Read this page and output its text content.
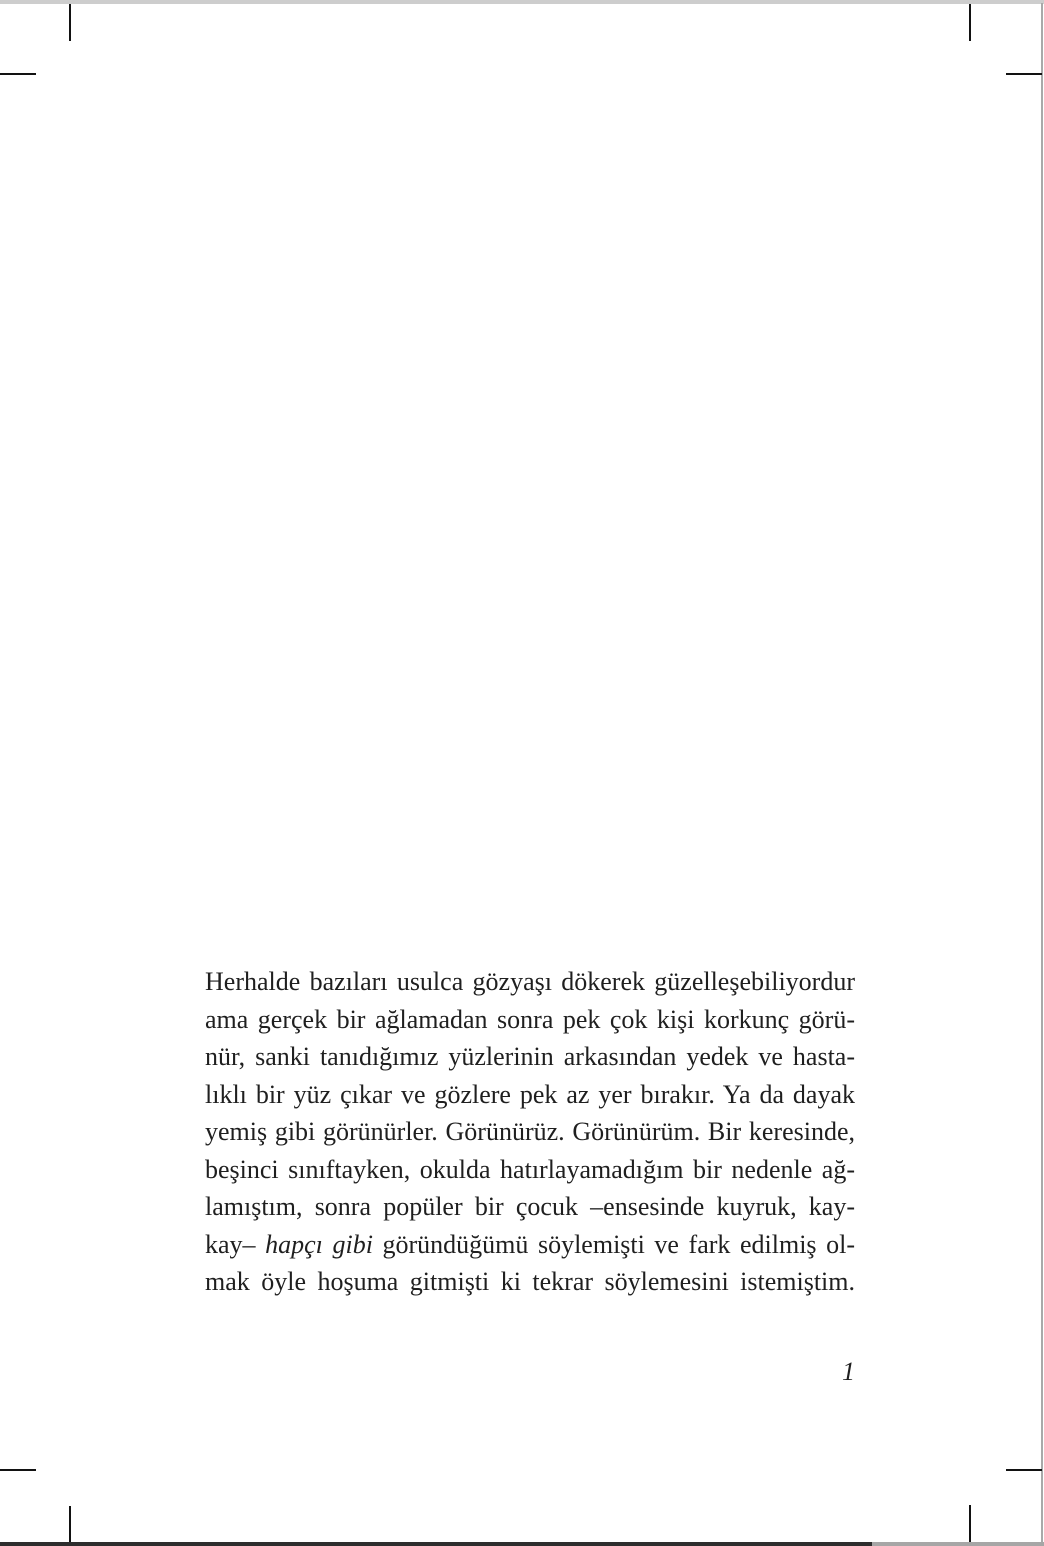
Herhalde bazıları usulca gözyaşı dökerek güzelleşebiliyordur
ama gerçek bir ağlamadan sonra pek çok kişi korkunç görü-
nür, sanki tanıdığımız yüzlerinin arkasından yedek ve hasta-
lıklı bir yüz çıkar ve gözlere pek az yer bırakır. Ya da dayak
yemiş gibi görünürler. Görünürüz. Görünürüm. Bir keresinde,
beşinci sınıftayken, okulda hatırlayamadığım bir nedenle ağ-
lamıştım, sonra popüler bir çocuk –ensesinde kuyruk, kay-
kay– hapçı gibi göründüğümü söylemişti ve fark edilmiş ol-
mak öyle hoşuma gitmişti ki tekrar söylemesini istemiştim.
1
